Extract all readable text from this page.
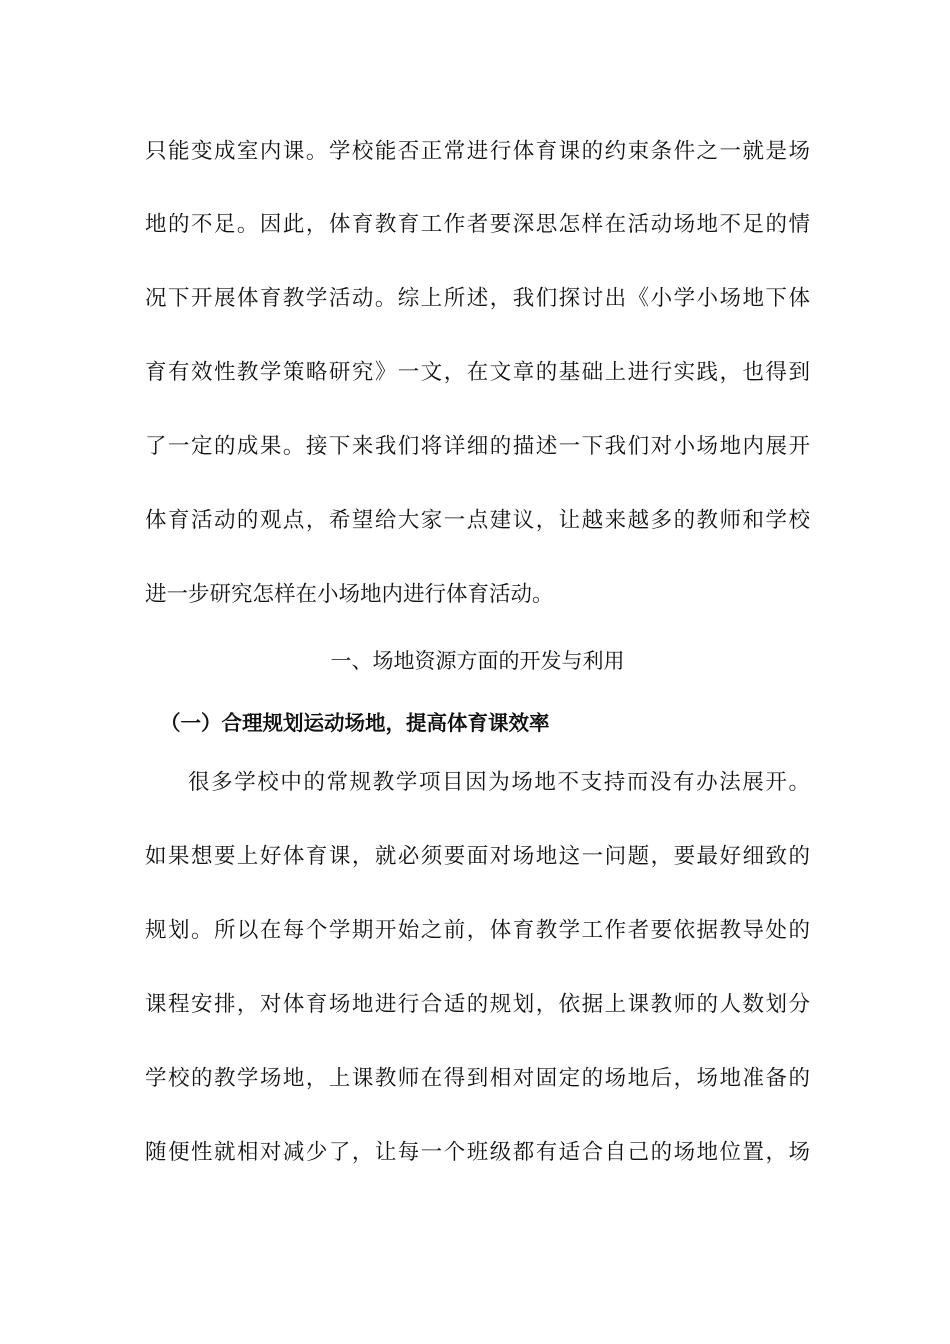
只能变成室内课。学校能否正常进行体育课的约束条件之一就是场
地的不足。因此，体育教育工作者要深思怎样在活动场地不足的情
况下开展体育教学活动。综上所述，我们探讨出《小学小场地下体
育有效性教学策略研究》一文，在文章的基础上进行实践，也得到
了一定的成果。接下来我们将详细的描述一下我们对小场地内展开
体育活动的观点，希望给大家一点建议，让越来越多的教师和学校
进一步研究怎样在小场地内进行体育活动。
一、场地资源方面的开发与利用
（一）合理规划运动场地，提高体育课效率
很多学校中的常规教学项目因为场地不支持而没有办法展开。
如果想要上好体育课，就必须要面对场地这一问题，要最好细致的
规划。所以在每个学期开始之前，体育教学工作者要依据教导处的
课程安排，对体育场地进行合适的规划，依据上课教师的人数划分
学校的教学场地，上课教师在得到相对固定的场地后，场地准备的
随便性就相对减少了，让每一个班级都有适合自己的场地位置，场
